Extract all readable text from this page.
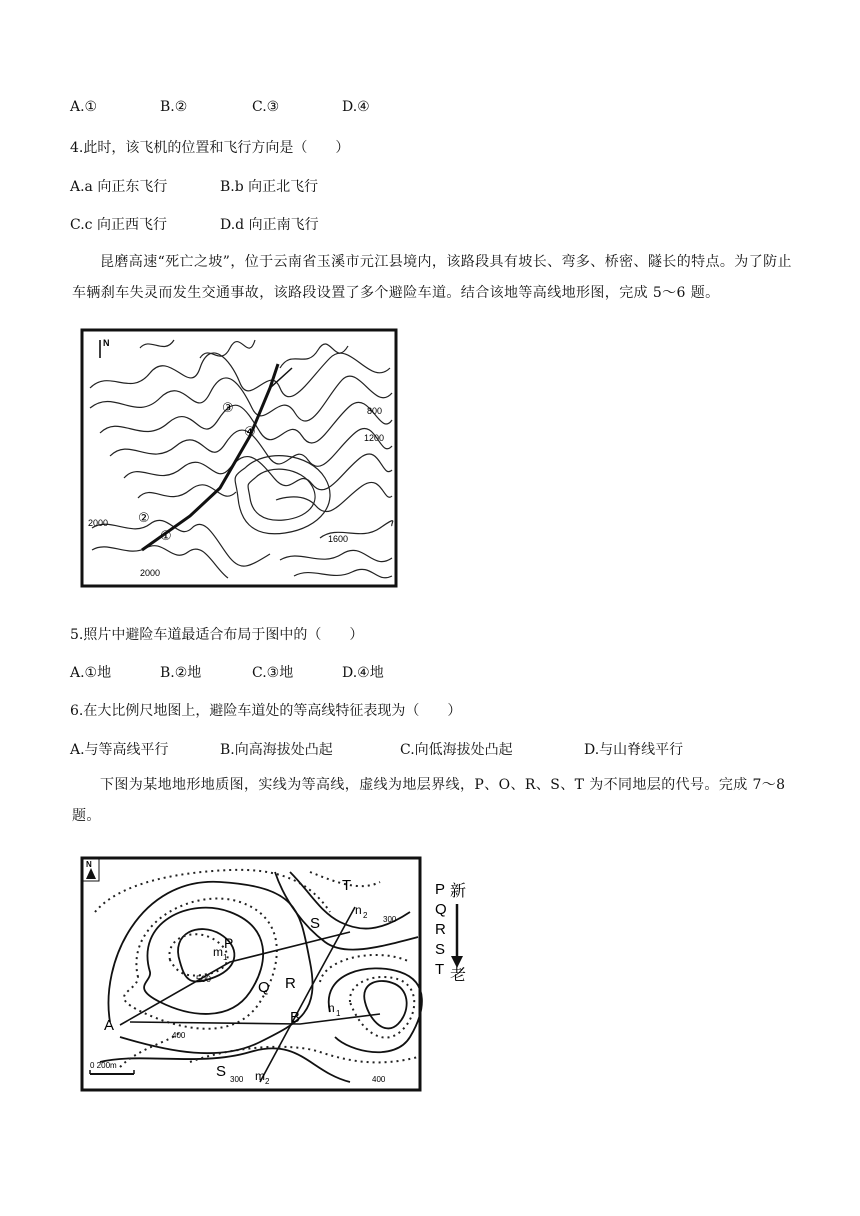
A.①	B.②	C.③	D.④
4.此时，该飞机的位置和飞行方向是（　　）
A.a 向正东飞行	B.b 向正北飞行
C.c 向正西飞行	D.d 向正南飞行
昆磨高速“死亡之坡”，位于云南省玉溪市元江县境内，该路段具有坡长、弯多、桥密、隧长的特点。为了防止车辆刹车失灵而发生交通事故，该路段设置了多个避险车道。结合该地等高线地形图，完成 5～6 题。
N
③
④
②
①
800
1200
2000
1600
2000
5.照片中避险车道最适合布局于图中的（　　）
A.①地	B.②地	C.③地	D.④地
6.在大比例尺地图上，避险车道处的等高线特征表现为（　　）
A.与等高线平行	B.向高海拔处凸起	C.向低海拔处凸起	D.与山脊线平行
下图为某地地形地质图，实线为等高线，虚线为地层界线，P、O、R、S、T 为不同地层的代号。完成 7～8 题。
N
T
n 2
S
P
m 1
500	Q R
300
B
n 1
A
400
S 300 m 2	400
0 200m
P
Q
R
S
T
新
老
